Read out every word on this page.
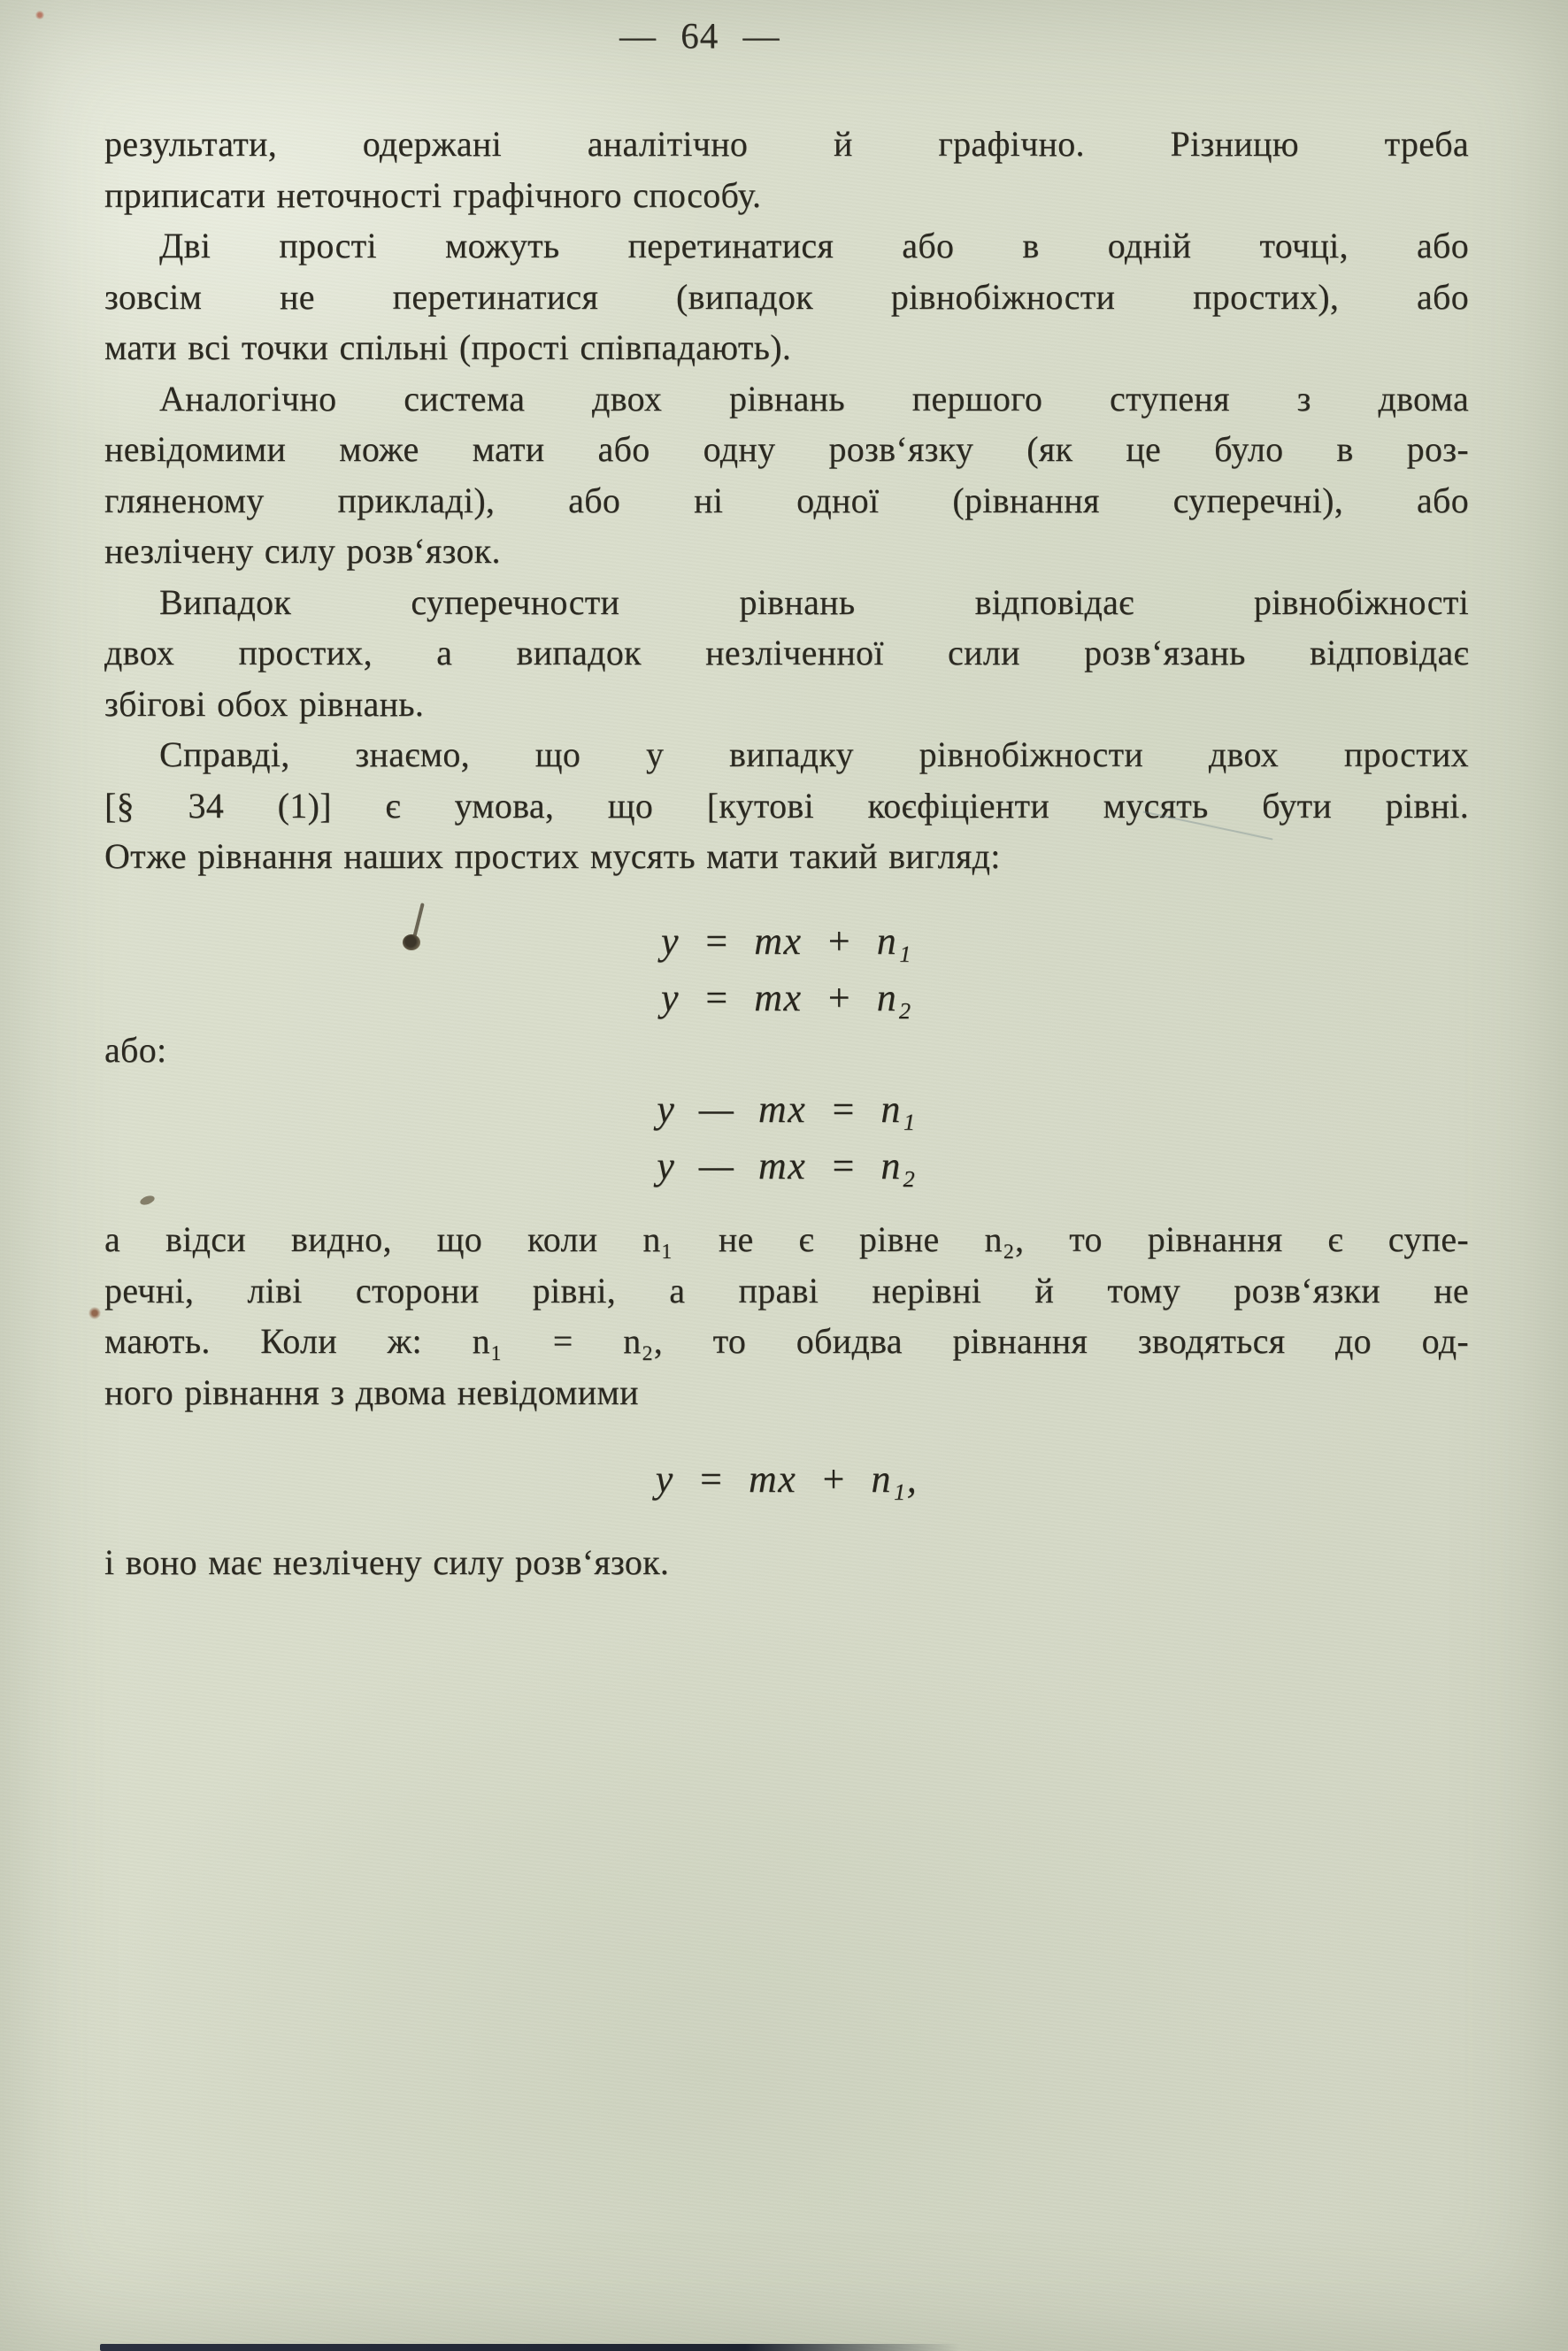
— 64 —
результати, одержані аналітічно й графічно. Різницю треба
приписати неточності графічного способу.
Дві прості можуть перетинатися або в одній точці, або
зовсім не перетинатися (випадок рівнобіжности простих), або
мати всі точки спільні (прості співпадають).
Аналогічно система двох рівнань першого ступеня з двома
невідомими може мати або одну розв‘язку (як це було в роз-
гляненому прикладі), або ні одної (рівнання суперечні), або
незлічену силу розв‘язок.
Випадок суперечности рівнань відповідає рівнобіжності
двох простих, а випадок незліченної сили розв‘язань відповідає
збігові обох рівнань.
Справді, знаємо, що у випадку рівнобіжности двох простих
[§ 34 (1)] є умова, що [кутові коєфіціенти мусять бути рівні.
Отже рівнання наших простих мусять мати такий вигляд:
y = mx + n₁
y = mx + n₂
або:
y — mx = n₁
y — mx = n₂
а відси видно, що коли n₁ не є рівне n₂, то рівнання є супе-
речні, ліві сторони рівні, а праві нерівні й тому розв‘язки не
мають. Коли ж: n₁ = n₂, то обидва рівнання зводяться до од-
ного рівнання з двома невідомими
y = mx + n₁,
і воно має незлічену силу розв‘язок.
